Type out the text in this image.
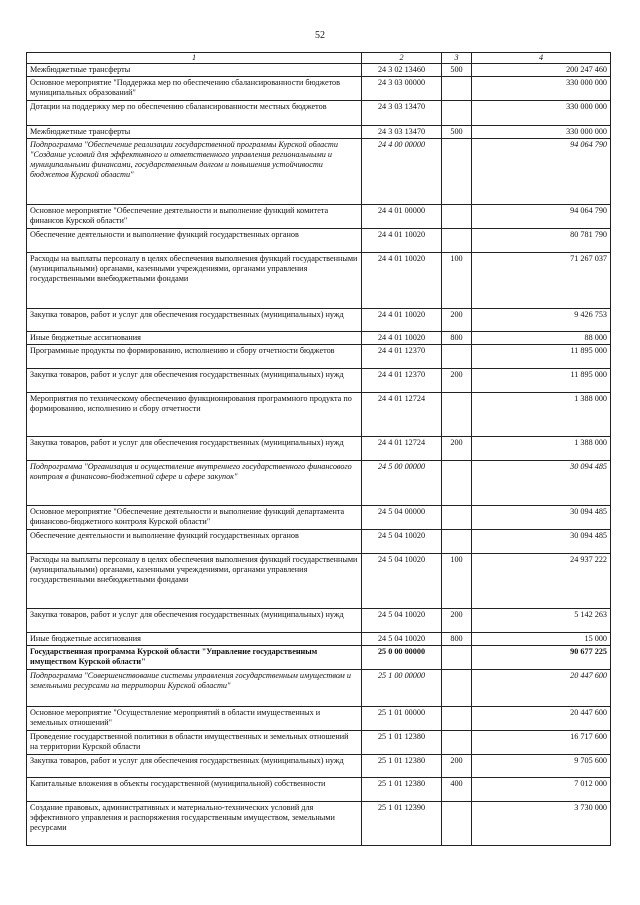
52
1	2	3	4
Межбюджетные трансферты	24 3 02 13460	500	200 247 460
Основное мероприятие "Поддержка мер по обеспечению сбалансированности бюджетов муниципальных образований"	24 3 03 00000		330 000 000
Дотации на поддержку мер по обеспечению сбалансированности местных бюджетов	24 3 03 13470		330 000 000
Межбюджетные трансферты	24 3 03 13470	500	330 000 000
Подпрограмма "Обеспечение реализации государственной программы Курской области "Создание условий для эффективного и ответственного управления региональными и муниципальными финансами, государственным долгом и повышения устойчивости бюджетов Курской области"	24 4 00 00000		94 064 790
Основное мероприятие "Обеспечение деятельности и выполнение функций комитета финансов Курской области"	24 4 01 00000		94 064 790
Обеспечение деятельности и выполнение функций государственных органов	24 4 01 10020		80 781 790
Расходы на выплаты персоналу в целях обеспечения выполнения функций государственными (муниципальными) органами, казенными учреждениями, органами управления государственными внебюджетными фондами	24 4 01 10020	100	71 267 037
Закупка товаров, работ и услуг для обеспечения государственных (муниципальных) нужд	24 4 01 10020	200	9 426 753
Иные бюджетные ассигнования	24 4 01 10020	800	88 000
Программные продукты по формированию, исполнению и сбору отчетности бюджетов	24 4 01 12370		11 895 000
Закупка товаров, работ и услуг для обеспечения государственных (муниципальных) нужд	24 4 01 12370	200	11 895 000
Мероприятия по техническому обеспечению функционирования программного продукта по формированию, исполнению и сбору отчетности	24 4 01 12724		1 388 000
Закупка товаров, работ и услуг для обеспечения государственных (муниципальных) нужд	24 4 01 12724	200	1 388 000
Подпрограмма "Организация и осуществление внутреннего государственного финансового контроля в финансово-бюджетной сфере и сфере закупок"	24 5 00 00000		30 094 485
Основное мероприятие "Обеспечение деятельности и выполнение функций департамента финансово-бюджетного контроля Курской области"	24 5 04 00000		30 094 485
Обеспечение деятельности и выполнение функций государственных органов	24 5 04 10020		30 094 485
Расходы на выплаты персоналу в целях обеспечения выполнения функций государственными (муниципальными) органами, казенными учреждениями, органами управления государственными внебюджетными фондами	24 5 04 10020	100	24 937 222
Закупка товаров, работ и услуг для обеспечения государственных (муниципальных) нужд	24 5 04 10020	200	5 142 263
Иные бюджетные ассигнования	24 5 04 10020	800	15 000
Государственная программа Курской области "Управление государственным имуществом Курской области"	25 0 00 00000		90 677 225
Подпрограмма "Совершенствование системы управления государственным имуществом и земельными ресурсами на территории Курской области"	25 1 00 00000		20 447 600
Основное мероприятие "Осуществление мероприятий в области имущественных и земельных отношений"	25 1 01 00000		20 447 600
Проведение государственной политики в области имущественных и земельных отношений на территории Курской области	25 1 01 12380		16 717 600
Закупка товаров, работ и услуг для обеспечения государственных (муниципальных) нужд	25 1 01 12380	200	9 705 600
Капитальные вложения в объекты государственной (муниципальной) собственности	25 1 01 12380	400	7 012 000
Создание правовых, административных и материально-технических условий для эффективного управления и распоряжения государственным имуществом, земельными ресурсами	25 1 01 12390		3 730 000
